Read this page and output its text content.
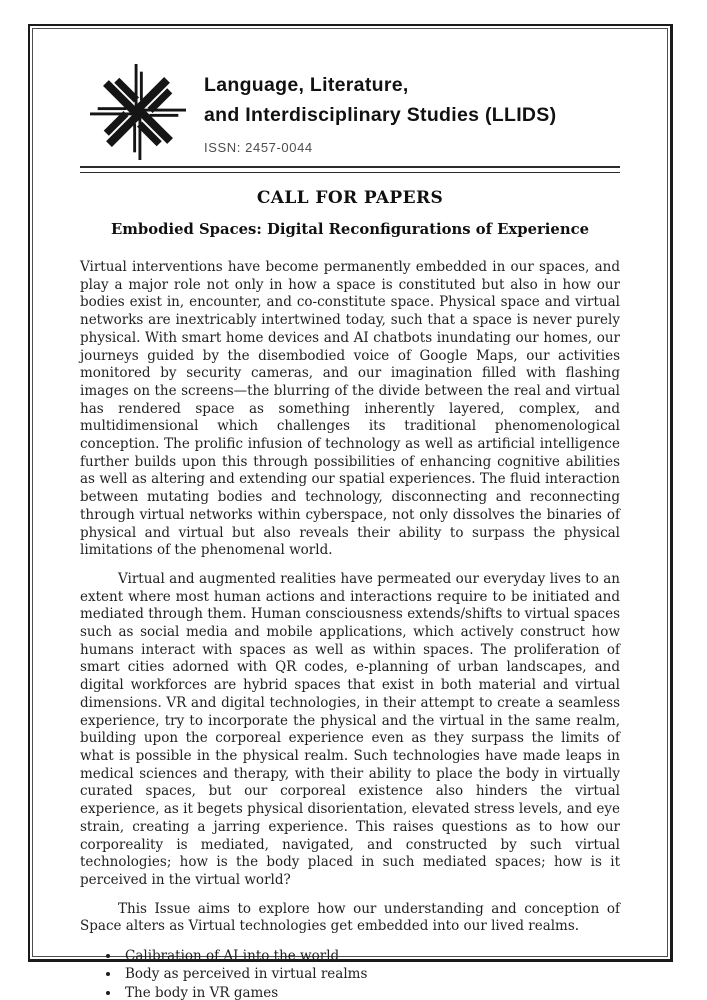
Language, Literature,
and Interdisciplinary Studies (LLIDS)
ISSN: 2457-0044
CALL FOR PAPERS
Embodied Spaces: Digital Reconfigurations of Experience

Virtual interventions have become permanently embedded in our spaces, and play a major role not only in how a space is constituted but also in how our bodies exist in, encounter, and co-constitute space. Physical space and virtual networks are inextricably intertwined today, such that a space is never purely physical. With smart home devices and AI chatbots inundating our homes, our journeys guided by the disembodied voice of Google Maps, our activities monitored by security cameras, and our imagination filled with flashing images on the screens—the blurring of the divide between the real and virtual has rendered space as something inherently layered, complex, and multidimensional which challenges its traditional phenomenological conception. The prolific infusion of technology as well as artificial intelligence further builds upon this through possibilities of enhancing cognitive abilities as well as altering and extending our spatial experiences. The fluid interaction between mutating bodies and technology, disconnecting and reconnecting through virtual networks within cyberspace, not only dissolves the binaries of physical and virtual but also reveals their ability to surpass the physical limitations of the phenomenal world.

Virtual and augmented realities have permeated our everyday lives to an extent where most human actions and interactions require to be initiated and mediated through them. Human consciousness extends/shifts to virtual spaces such as social media and mobile applications, which actively construct how humans interact with spaces as well as within spaces. The proliferation of smart cities adorned with QR codes, e-planning of urban landscapes, and digital workforces are hybrid spaces that exist in both material and virtual dimensions. VR and digital technologies, in their attempt to create a seamless experience, try to incorporate the physical and the virtual in the same realm, building upon the corporeal experience even as they surpass the limits of what is possible in the physical realm. Such technologies have made leaps in medical sciences and therapy, with their ability to place the body in virtually curated spaces, but our corporeal existence also hinders the virtual experience, as it begets physical disorientation, elevated stress levels, and eye strain, creating a jarring experience. This raises questions as to how our corporeality is mediated, navigated, and constructed by such virtual technologies; how is the body placed in such mediated spaces; how is it perceived in the virtual world?

This Issue aims to explore how our understanding and conception of Space alters as Virtual technologies get embedded into our lived realms.

• Calibration of AI into the world
• Body as perceived in virtual realms
• The body in VR games
